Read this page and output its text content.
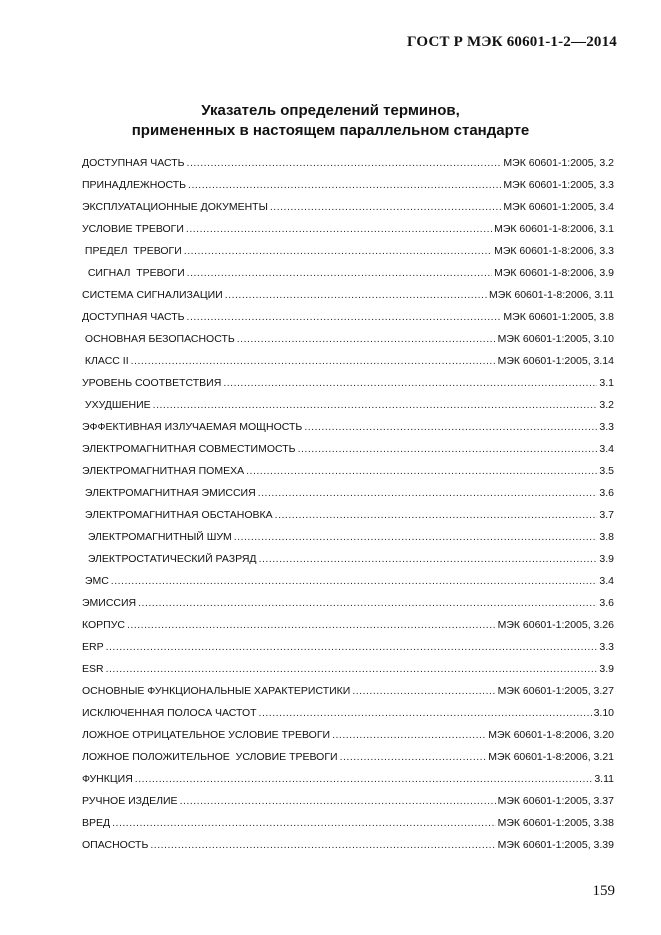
ГОСТ Р МЭК 60601-1-2—2014
Указатель определений терминов,
примененных в настоящем параллельном стандарте
ДОСТУПНАЯ ЧАСТЬ .....	МЭК 60601-1:2005, 3.2
ПРИНАДЛЕЖНОСТЬ .....	МЭК 60601-1:2005, 3.3
ЭКСПЛУАТАЦИОННЫЕ ДОКУМЕНТЫ .....	МЭК 60601-1:2005, 3.4
УСЛОВИЕ ТРЕВОГИ .....	МЭК 60601-1-8:2006, 3.1
ПРЕДЕЛ  ТРЕВОГИ .....	МЭК 60601-1-8:2006, 3.3
СИГНАЛ  ТРЕВОГИ .....	МЭК 60601-1-8:2006, 3.9
СИСТЕМА СИГНАЛИЗАЦИИ .....	МЭК 60601-1-8:2006, 3.11
ДОСТУПНАЯ ЧАСТЬ .....	МЭК 60601-1:2005, 3.8
ОСНОВНАЯ БЕЗОПАСНОСТЬ .....	МЭК 60601-1:2005, 3.10
КЛАСС II .....	МЭК 60601-1:2005, 3.14
УРОВЕНЬ СООТВЕТСТВИЯ .....	3.1
УХУДШЕНИЕ .....	3.2
ЭФФЕКТИВНАЯ ИЗЛУЧАЕМАЯ МОЩНОСТЬ .....	3.3
ЭЛЕКТРОМАГНИТНАЯ СОВМЕСТИМОСТЬ .....	3.4
ЭЛЕКТРОМАГНИТНАЯ ПОМЕХА .....	3.5
ЭЛЕКТРОМАГНИТНАЯ ЭМИССИЯ .....	3.6
ЭЛЕКТРОМАГНИТНАЯ ОБСТАНОВКА .....	3.7
ЭЛЕКТРОМАГНИТНЫЙ ШУМ .....	3.8
ЭЛЕКТРОСТАТИЧЕСКИЙ РАЗРЯД .....	3.9
ЭМС .....	3.4
ЭМИССИЯ .....	3.6
КОРПУС .....	МЭК 60601-1:2005, 3.26
ERP .....	3.3
ESR .....	3.9
ОСНОВНЫЕ ФУНКЦИОНАЛЬНЫЕ ХАРАКТЕРИСТИКИ .....	МЭК 60601-1:2005, 3.27
ИСКЛЮЧЕННАЯ ПОЛОСА ЧАСТОТ .....	3.10
ЛОЖНОЕ ОТРИЦАТЕЛЬНОЕ УСЛОВИЕ ТРЕВОГИ .....	МЭК 60601-1-8:2006, 3.20
ЛОЖНОЕ ПОЛОЖИТЕЛЬНОЕ  УСЛОВИЕ ТРЕВОГИ .....	МЭК 60601-1-8:2006, 3.21
ФУНКЦИЯ .....	3.11
РУЧНОЕ ИЗДЕЛИЕ .....	МЭК 60601-1:2005, 3.37
ВРЕД .....	МЭК 60601-1:2005, 3.38
ОПАСНОСТЬ .....	МЭК 60601-1:2005, 3.39
159
